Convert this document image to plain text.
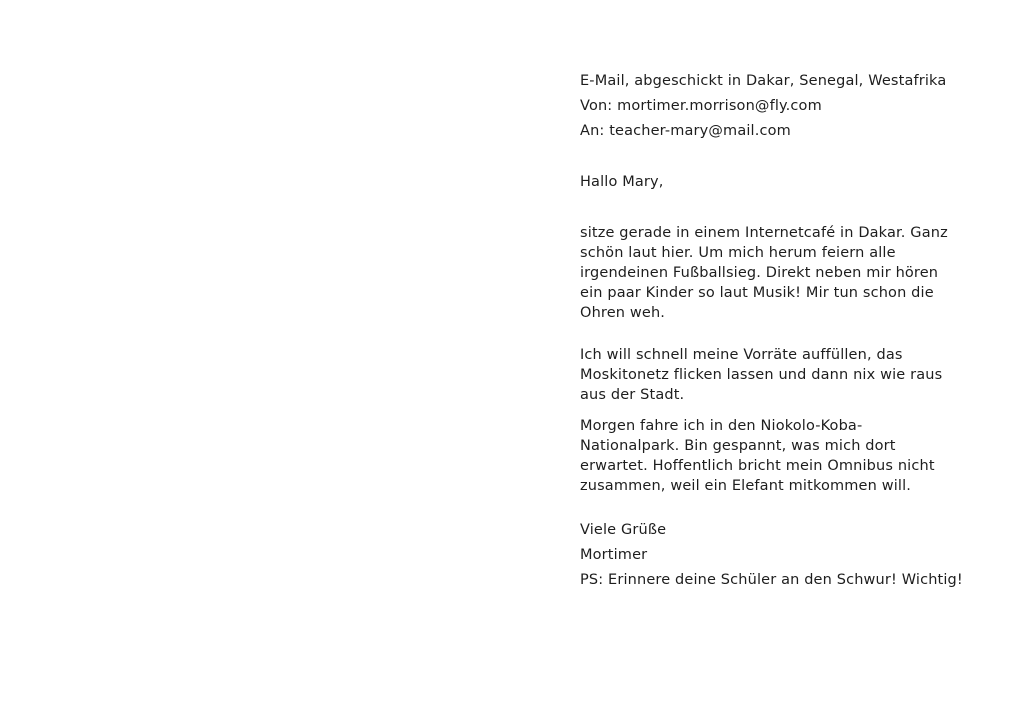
E-Mail, abgeschickt in Dakar, Senegal, Westafrika

Von: mortimer.morrison@fly.com

An: teacher-mary@mail.com

Hallo Mary,

sitze gerade in einem Internetcafé in Dakar. Ganz schön laut hier. Um mich herum feiern alle irgendeinen Fußballsieg. Direkt neben mir hören ein paar Kinder so laut Musik! Mir tun schon die Ohren weh.

Ich will schnell meine Vorräte auffüllen, das Moskitonetz flicken lassen und dann nix wie raus aus der Stadt.

Morgen fahre ich in den Niokolo-Koba-Nationalpark. Bin gespannt, was mich dort erwartet. Hoffentlich bricht mein Omnibus nicht zusammen, weil ein Elefant mitkommen will.

Viele Grüße

Mortimer

PS: Erinnere deine Schüler an den Schwur! Wichtig!
